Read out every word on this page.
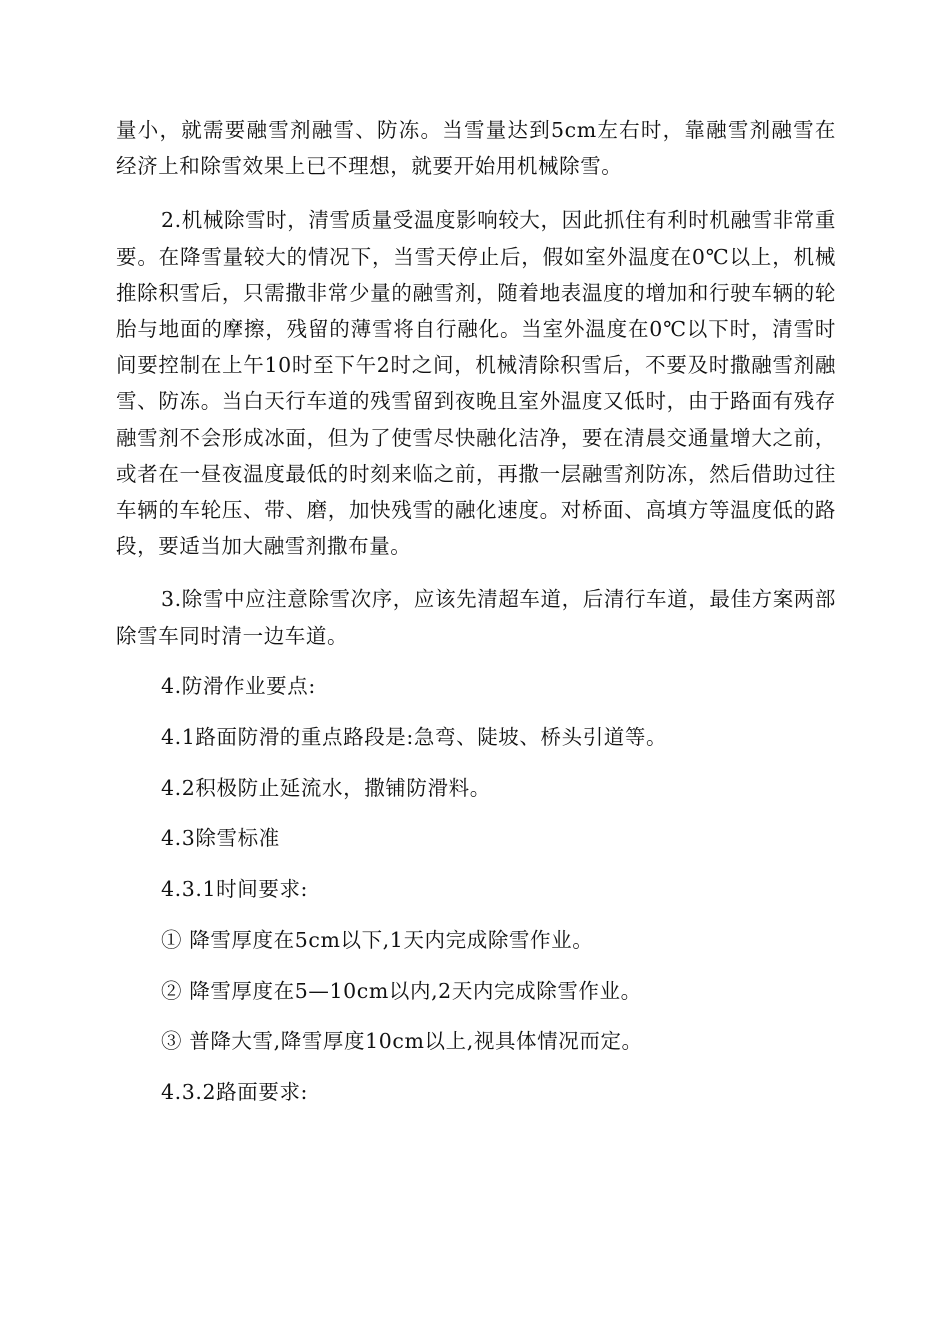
量小，就需要融雪剂融雪、防冻。当雪量达到5cm左右时，靠融雪剂融雪在经济上和除雪效果上已不理想，就要开始用机械除雪。

2.机械除雪时，清雪质量受温度影响较大，因此抓住有利时机融雪非常重要。在降雪量较大的情况下，当雪天停止后，假如室外温度在0℃以上，机械推除积雪后，只需撒非常少量的融雪剂，随着地表温度的增加和行驶车辆的轮胎与地面的摩擦，残留的薄雪将自行融化。当室外温度在0℃以下时，清雪时间要控制在上午10时至下午2时之间，机械清除积雪后，不要及时撒融雪剂融雪、防冻。当白天行车道的残雪留到夜晚且室外温度又低时，由于路面有残存融雪剂不会形成冰面，但为了使雪尽快融化洁净，要在清晨交通量增大之前，或者在一昼夜温度最低的时刻来临之前，再撒一层融雪剂防冻，然后借助过往车辆的车轮压、带、磨，加快残雪的融化速度。对桥面、高填方等温度低的路段，要适当加大融雪剂撒布量。

3.除雪中应注意除雪次序，应该先清超车道，后清行车道，最佳方案两部除雪车同时清一边车道。

4.防滑作业要点:

4.1路面防滑的重点路段是:急弯、陡坡、桥头引道等。

4.2积极防止延流水，撒铺防滑料。

4.3除雪标准

4.3.1时间要求:

① 降雪厚度在5cm以下,1天内完成除雪作业。

② 降雪厚度在5—10cm以内,2天内完成除雪作业。

③ 普降大雪,降雪厚度10cm以上,视具体情况而定。

4.3.2路面要求:
